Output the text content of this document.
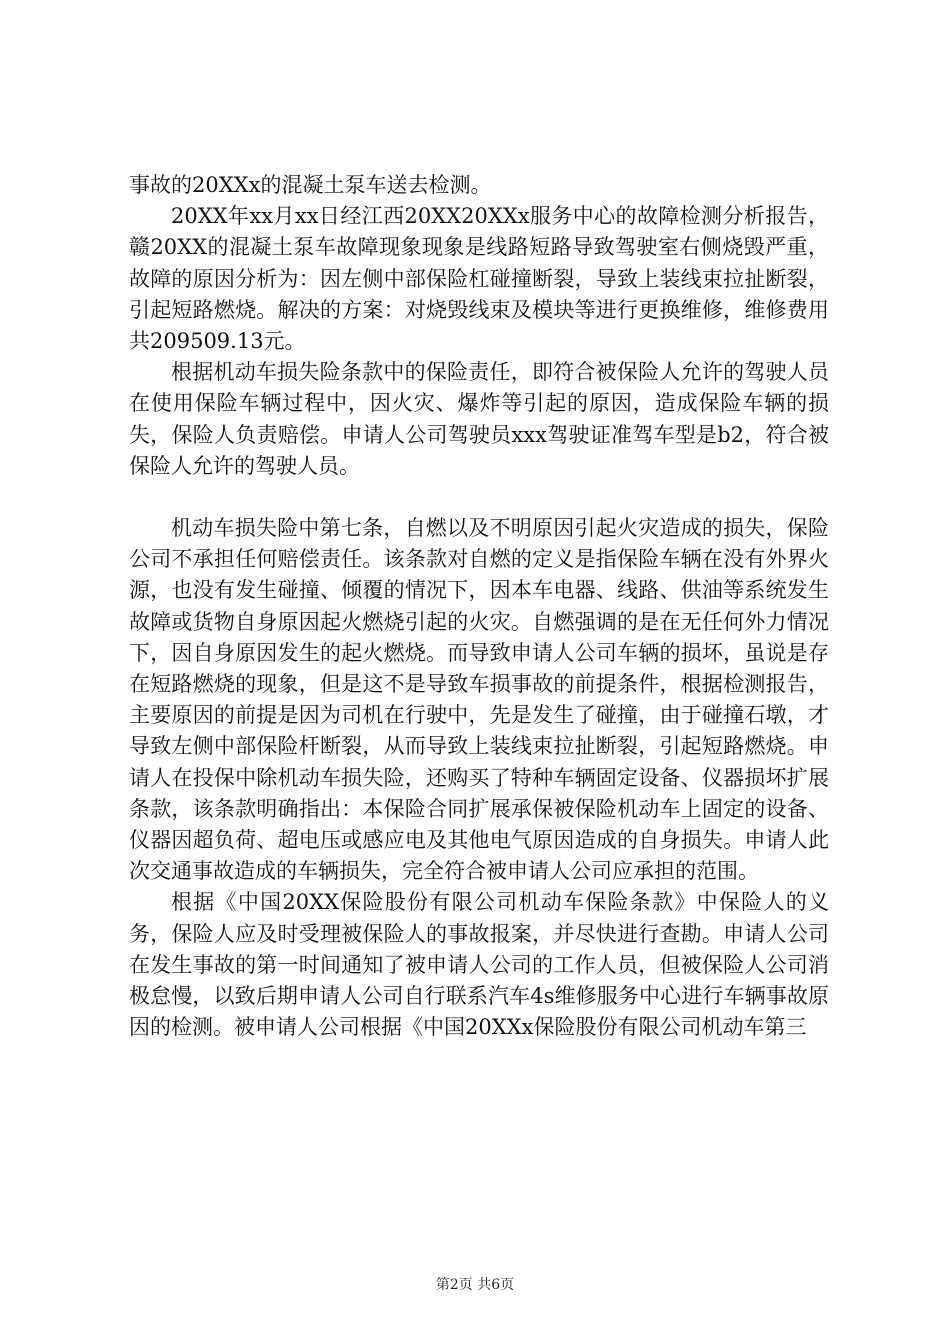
事故的20XXx的混凝土泵车送去检测。

20XX年xx月xx日经江西20XX20XXx服务中心的故障检测分析报告，赣20XX的混凝土泵车故障现象现象是线路短路导致驾驶室右侧烧毁严重，故障的原因分析为：因左侧中部保险杠碰撞断裂，导致上装线束拉扯断裂，引起短路燃烧。解决的方案：对烧毁线束及模块等进行更换维修，维修费用共209509.13元。

根据机动车损失险条款中的保险责任，即符合被保险人允许的驾驶人员在使用保险车辆过程中，因火灾、爆炸等引起的原因，造成保险车辆的损失，保险人负责赔偿。申请人公司驾驶员xxx驾驶证准驾车型是b2，符合被保险人允许的驾驶人员。

机动车损失险中第七条，自燃以及不明原因引起火灾造成的损失，保险公司不承担任何赔偿责任。该条款对自燃的定义是指保险车辆在没有外界火源，也没有发生碰撞、倾覆的情况下，因本车电器、线路、供油等系统发生故障或货物自身原因起火燃烧引起的火灾。自燃强调的是在无任何外力情况下，因自身原因发生的起火燃烧。而导致申请人公司车辆的损坏，虽说是存在短路燃烧的现象，但是这不是导致车损事故的前提条件，根据检测报告，主要原因的前提是因为司机在行驶中，先是发生了碰撞，由于碰撞石墩，才导致左侧中部保险杆断裂，从而导致上装线束拉扯断裂，引起短路燃烧。申请人在投保中除机动车损失险，还购买了特种车辆固定设备、仪器损坏扩展条款，该条款明确指出：本保险合同扩展承保被保险机动车上固定的设备、仪器因超负荷、超电压或感应电及其他电气原因造成的自身损失。申请人此次交通事故造成的车辆损失，完全符合被申请人公司应承担的范围。

根据《中国20XX保险股份有限公司机动车保险条款》中保险人的义务，保险人应及时受理被保险人的事故报案，并尽快进行查勘。申请人公司在发生事故的第一时间通知了被申请人公司的工作人员，但被保险人公司消极怠慢，以致后期申请人公司自行联系汽车4s维修服务中心进行车辆事故原因的检测。被申请人公司根据《中国20XXx保险股份有限公司机动车第三

第2页 共6页
